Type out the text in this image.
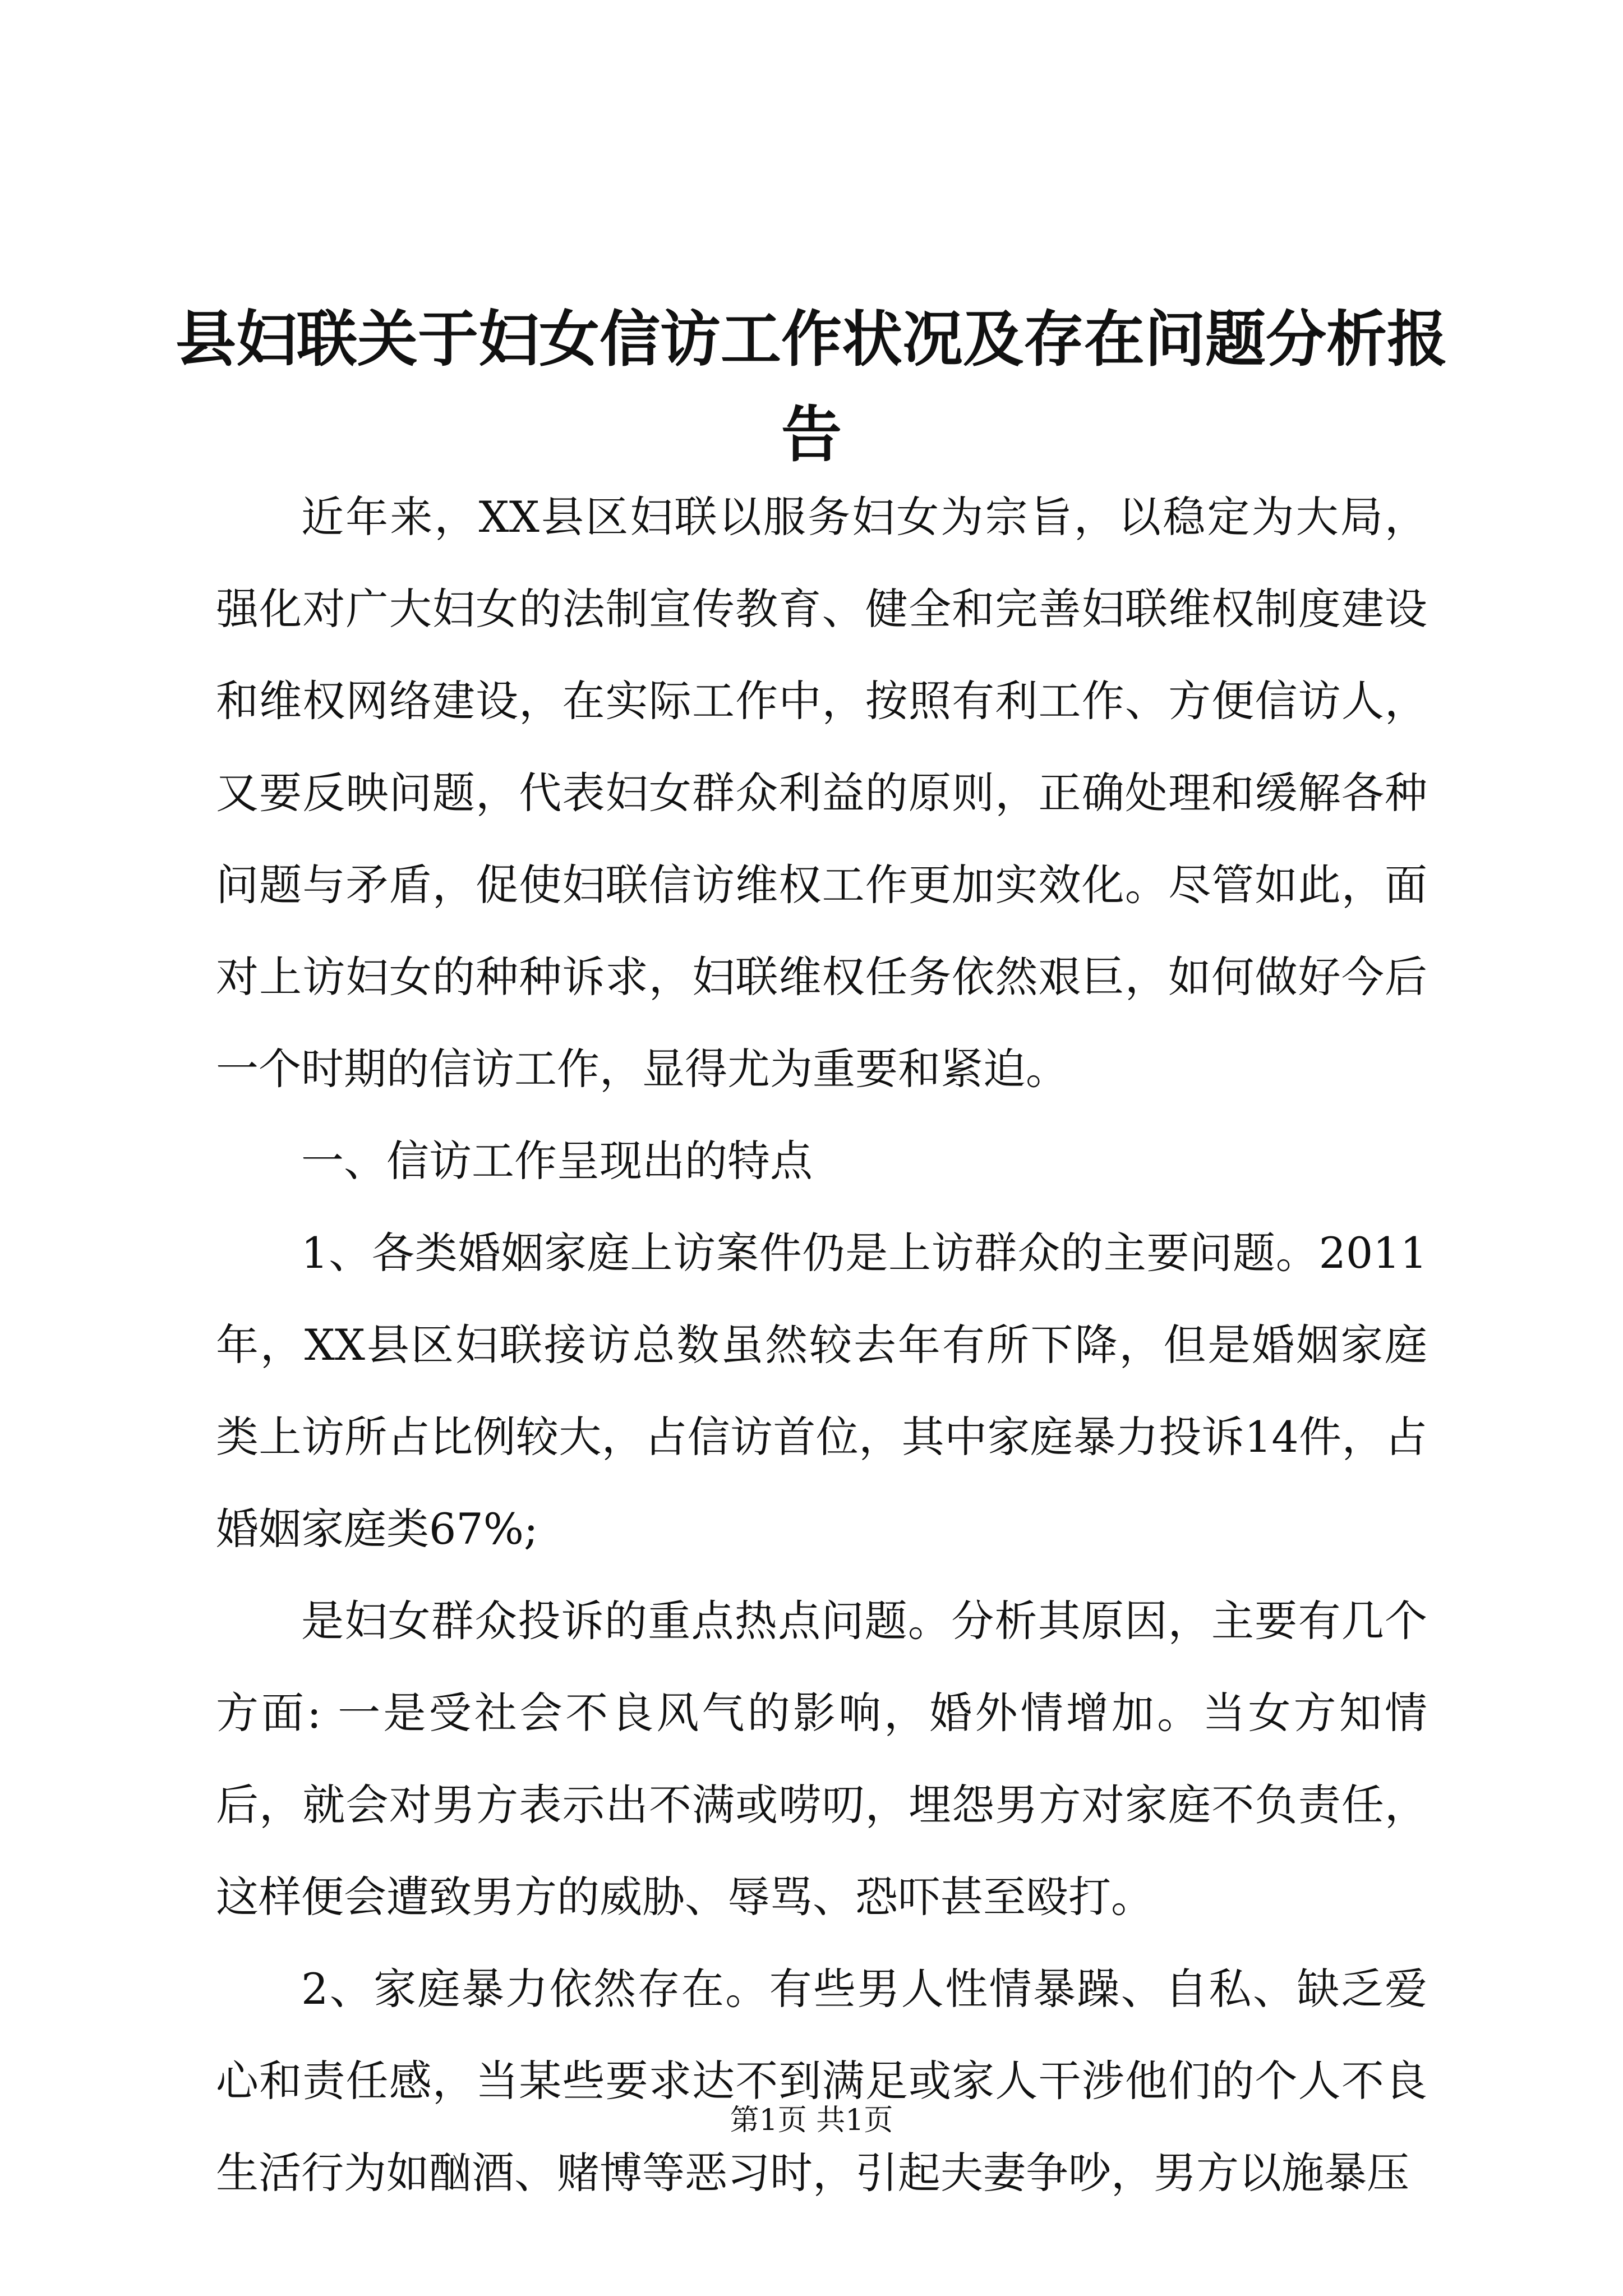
县妇联关于妇女信访工作状况及存在问题分析报告

近年来，XX县区妇联以服务妇女为宗旨，以稳定为大局，强化对广大妇女的法制宣传教育、健全和完善妇联维权制度建设和维权网络建设，在实际工作中，按照有利工作、方便信访人，又要反映问题，代表妇女群众利益的原则，正确处理和缓解各种问题与矛盾，促使妇联信访维权工作更加实效化。尽管如此，面对上访妇女的种种诉求，妇联维权任务依然艰巨，如何做好今后一个时期的信访工作，显得尤为重要和紧迫。

一、信访工作呈现出的特点

1、各类婚姻家庭上访案件仍是上访群众的主要问题。2011年，XX县区妇联接访总数虽然较去年有所下降，但是婚姻家庭类上访所占比例较大，占信访首位，其中家庭暴力投诉14件，占婚姻家庭类67%;

是妇女群众投诉的重点热点问题。分析其原因，主要有几个方面: 一是受社会不良风气的影响，婚外情增加。当女方知情后，就会对男方表示出不满或唠叨，埋怨男方对家庭不负责任，这样便会遭致男方的威胁、辱骂、恐吓甚至殴打。

2、家庭暴力依然存在。有些男人性情暴躁、自私、缺乏爱心和责任感，当某些要求达不到满足或家人干涉他们的个人不良生活行为如酗酒、赌博等恶习时，引起夫妻争吵，男方以施暴压

第1页 共1页
